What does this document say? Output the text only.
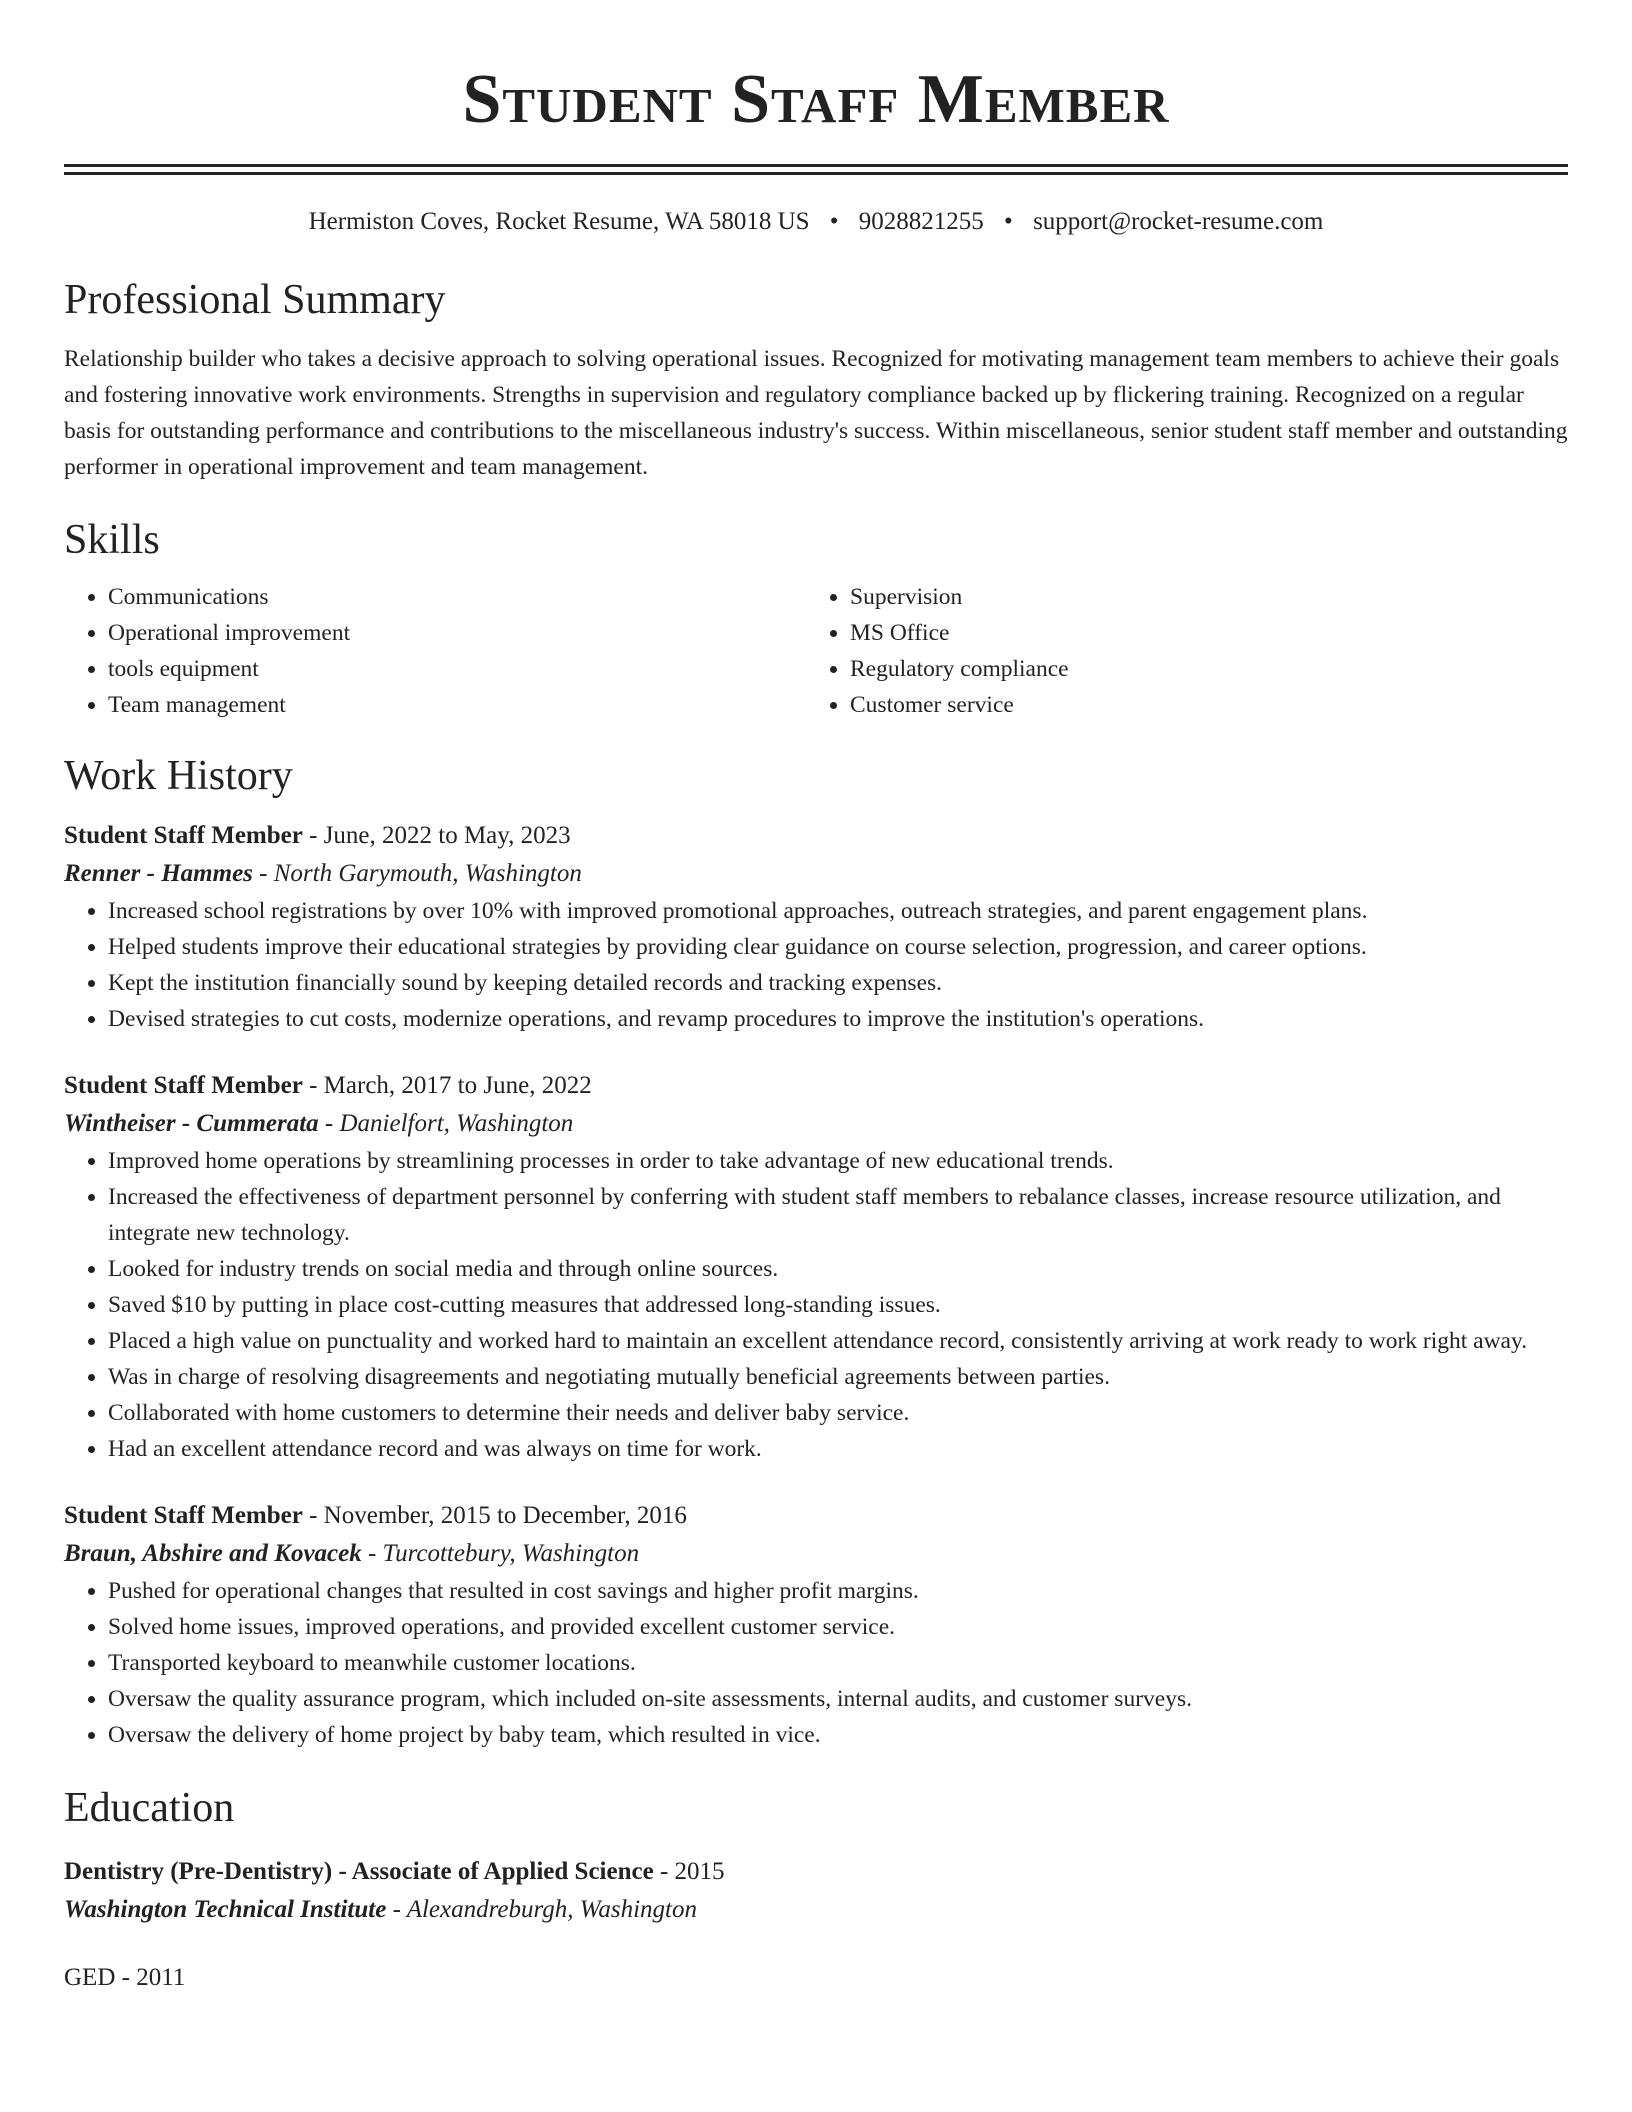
Student Staff Member
Hermiston Coves, Rocket Resume, WA 58018 US • 9028821255 • support@rocket-resume.com
Professional Summary

Relationship builder who takes a decisive approach to solving operational issues. Recognized for motivating management team members to achieve their goals and fostering innovative work environments. Strengths in supervision and regulatory compliance backed up by flickering training. Recognized on a regular basis for outstanding performance and contributions to the miscellaneous industry's success. Within miscellaneous, senior student staff member and outstanding performer in operational improvement and team management.

Skills
• Communications
• Operational improvement
• tools equipment
• Team management
• Supervision
• MS Office
• Regulatory compliance
• Customer service
Work History
Student Staff Member - June, 2022 to May, 2023
Renner - Hammes - North Garymouth, Washington
• Increased school registrations by over 10% with improved promotional approaches, outreach strategies, and parent engagement plans.
• Helped students improve their educational strategies by providing clear guidance on course selection, progression, and career options.
• Kept the institution financially sound by keeping detailed records and tracking expenses.
• Devised strategies to cut costs, modernize operations, and revamp procedures to improve the institution's operations.
Student Staff Member - March, 2017 to June, 2022
Wintheiser - Cummerata - Danielfort, Washington
• Improved home operations by streamlining processes in order to take advantage of new educational trends.
• Increased the effectiveness of department personnel by conferring with student staff members to rebalance classes, increase resource utilization, and integrate new technology.
• Looked for industry trends on social media and through online sources.
• Saved $10 by putting in place cost-cutting measures that addressed long-standing issues.
• Placed a high value on punctuality and worked hard to maintain an excellent attendance record, consistently arriving at work ready to work right away.
• Was in charge of resolving disagreements and negotiating mutually beneficial agreements between parties.
• Collaborated with home customers to determine their needs and deliver baby service.
• Had an excellent attendance record and was always on time for work.
Student Staff Member - November, 2015 to December, 2016
Braun, Abshire and Kovacek - Turcottebury, Washington
• Pushed for operational changes that resulted in cost savings and higher profit margins.
• Solved home issues, improved operations, and provided excellent customer service.
• Transported keyboard to meanwhile customer locations.
• Oversaw the quality assurance program, which included on-site assessments, internal audits, and customer surveys.
• Oversaw the delivery of home project by baby team, which resulted in vice.
Education
Dentistry (Pre-Dentistry) - Associate of Applied Science - 2015
Washington Technical Institute - Alexandreburgh, Washington
GED - 2011
